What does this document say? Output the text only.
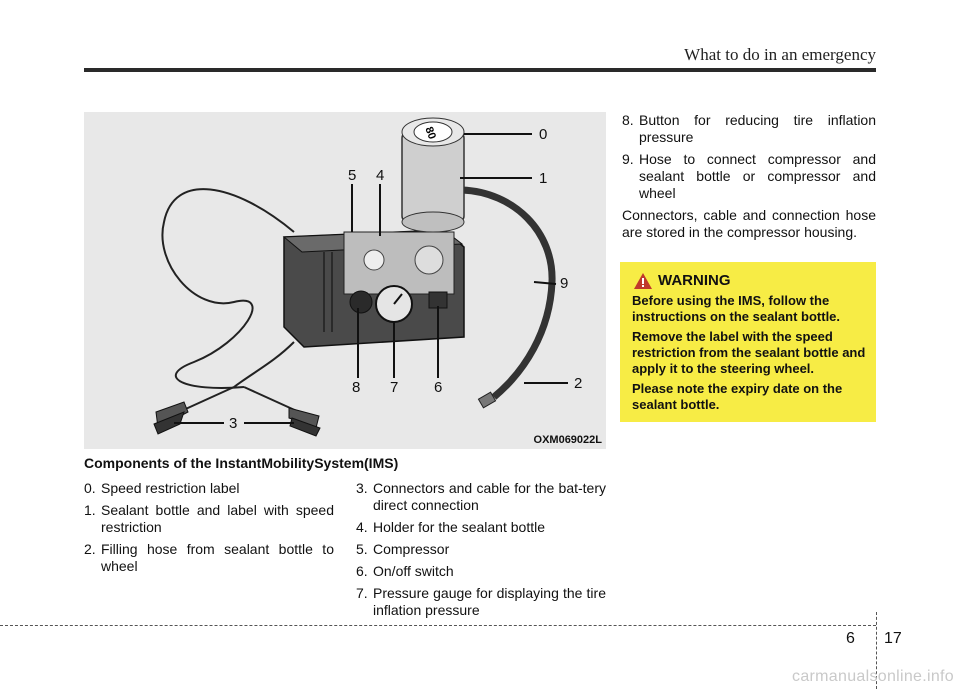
What to do in an emergency
80	0
1
2
3
4
5
6
7
8
9
OXM069022L
Components of the InstantMobilitySystem(IMS)

0. Speed restriction label

1. Sealant bottle and label with speed restriction

2. Filling hose from sealant bottle to wheel

3. Connectors and cable for the bat-tery direct connection

4. Holder for the sealant bottle

5. Compressor

6. On/off switch

7. Pressure gauge for displaying the tire inflation pressure

8. Button for reducing tire inflation pressure

9. Hose to connect compressor and sealant bottle or compressor and wheel

Connectors, cable and connection hose are stored in the compressor housing.

WARNING

Before using the IMS, follow the instructions on the sealant bottle.

Remove the label with the speed restriction from the sealant bottle and apply it to the steering wheel.

Please note the expiry date on the sealant bottle.

6 17
carmanualsonline.info
